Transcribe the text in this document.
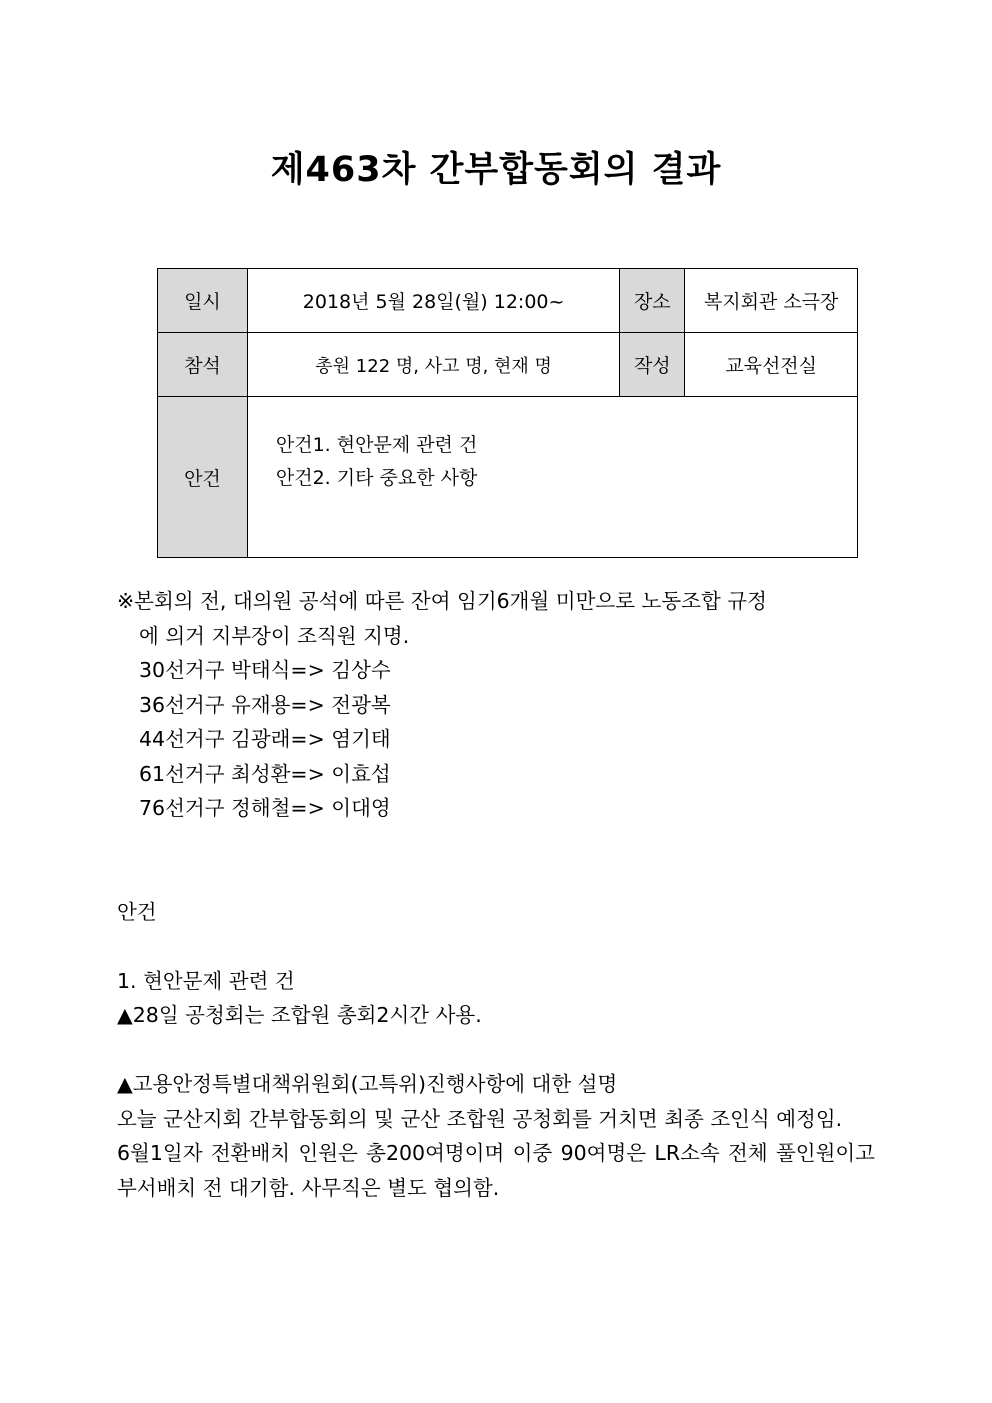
제463차 간부합동회의 결과
일시	2018년 5월 28일(월) 12:00~	장소	복지회관 소극장
참석	총원 122 명, 사고 명, 현재 명	작성	교육선전실
안건	안건1. 현안문제 관련 건
안건2. 기타 중요한 사항		

※본회의 전, 대의원 공석에 따른 잔여 임기6개월 미만으로 노동조합 규정

에 의거 지부장이 조직원 지명.

30선거구 박태식=> 김상수

36선거구 유재용=> 전광복

44선거구 김광래=> 염기태

61선거구 최성환=> 이효섭

76선거구 정해철=> 이대영

안건

1. 현안문제 관련 건

▲28일 공청회는 조합원 총회2시간 사용.

▲고용안정특별대책위원회(고특위)진행사항에 대한 설명

오늘 군산지회 간부합동회의 및 군산 조합원 공청회를 거치면 최종 조인식 예정임.

6월1일자 전환배치 인원은 총200여명이며 이중 90여명은 LR소속 전체 풀인원이고 부서배치 전 대기함. 사무직은 별도 협의함.
